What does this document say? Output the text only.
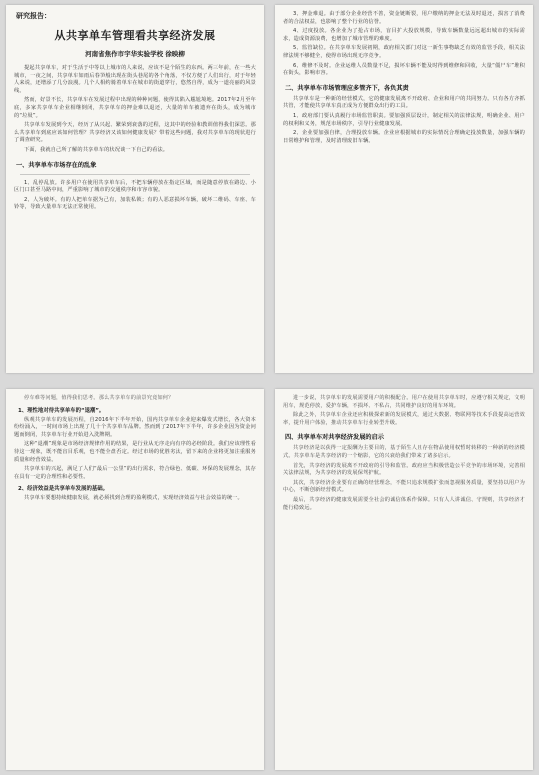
研究报告：
从共享单车管理看共享经济发展
河南省焦作市宇华实验学校 徐映柳

提起共享单车，对于生活于中等以上城市的人来说，应该不是个陌生的东西。两三年前，在一些大城市，一夜之间，共享单车如雨后春笋般出现在街头巷尾的各个角落，不仅方便了人们出行，对于年轻人来说，还增添了几分浪漫。几个人相约骑着单车在城市的街道穿行，悠然自得，成为一道亮丽的风景线。

然而，好景不长，共享单车在发展过程中出现的种种问题，使得其陷入尴尬境地。2017年2月至年底，多家共享单车企业相继倒闭，共享单车的押金难以退还，大量的单车被遗弃在街头，成为城市的“垃圾”。

共享单车发展到今天，经历了从兴起、繁荣到衰落的过程，这其中的经验和教训值得我们深思。那么共享单车到底应该如何管理？共享经济又该如何健康发展？带着这些问题，我对共享单车的现状进行了调查研究。

下面，我就自己所了解的共享单车的状况谈一下自己的看法。

一、共享单车市场存在的乱象

1、乱停乱放。许多用户在使用共享单车后，不把车辆停放在指定区域，而是随意停放在路边、小区门口甚至马路中间，严重影响了城市的交通秩序和市容市貌。

2、人为破坏。有的人把单车据为己有，加装私锁；有的人恶意损坏车辆，破坏二维码、车座、车铃等，导致大量单车无法正常使用。

3、押金难退。由于部分企业经营不善，资金链断裂，用户缴纳的押金无法及时退还，损害了消费者的合法权益，也影响了整个行业的信誉。

4、过度投放。各企业为了抢占市场，盲目扩大投放规模，导致车辆数量远远超出城市的实际需求，造成资源浪费，也增加了城市管理的难度。

5、监管缺位。在共享单车发展初期，政府相关部门对这一新生事物缺乏有效的监管手段，相关法律法规不够健全，使得市场出现无序竞争。

6、维修不及时。企业运维人员数量不足，损坏车辆不能及时得到维修和回收，大量“僵尸车”堆积在街头，影响市容。

二、共享单车市场管理应多管齐下，各负其责

共享单车是一种新的经营模式，它的健康发展离不开政府、企业和用户的共同努力。只有各方齐抓共管，才能使共享单车真正成为方便群众出行的工具。

1、政府部门要认真履行市场监管职责。要加强顶层设计，制定相关的法律法规，明确企业、用户的权利和义务，规范市场秩序，引导行业健康发展。

2、企业要加强自律，合理投放车辆。企业应根据城市的实际情况合理确定投放数量，加强车辆的日常维护和管理，及时清理废旧车辆。

停车难等问题，值得我们思考。那么共享单车的前景究竟如何？

1、理性地对待共享单车的“退潮”。

纵观共享单车的发展历程，自2016年下半年开始，国内共享单车企业迎来爆发式增长，各大资本纷纷涌入，一时间市场上出现了几十个共享单车品牌。然而到了2017年下半年，许多企业因为资金问题而倒闭，共享单车行业开始进入洗牌期。

这种“退潮”现象是市场经济规律作用的结果，是行业从无序走向有序的必经阶段。我们应该理性看待这一现象，既不能盲目乐观，也不能全盘否定。经过市场的优胜劣汰，留下来的企业将更加注重服务质量和经营效益。

共享单车的兴起，满足了人们“最后一公里”的出行需求，符合绿色、低碳、环保的发展理念，其存在具有一定的合理性和必要性。

2、经济效益是共享单车发展的基础。

共享单车要想持续健康发展，就必须找到合理的盈利模式，实现经济效益与社会效益的统一。

进一步说，共享单车的发展需要用户的积极配合。用户在使用共享单车时，应遵守相关规定，文明用车，规范停放，爱护车辆，不损坏、不私占，共同维护良好的用车环境。

除此之外，共享单车企业还应积极探索新的发展模式，通过大数据、物联网等技术手段提高运营效率，提升用户体验，推动共享单车行业转型升级。

四、共享单车对共享经济发展的启示

共享经济是以获得一定报酬为主要目的，基于陌生人且存在物品使用权暂时转移的一种新的经济模式。共享单车是共享经济的一个缩影，它的兴衰给我们带来了诸多启示。

首先，共享经济的发展离不开政府的引导和监管。政府应当积极营造公平竞争的市场环境，完善相关法律法规，为共享经济的发展保驾护航。

其次，共享经济企业要有正确的经营理念，不能只追求规模扩张而忽视服务质量，要坚持以用户为中心，不断创新经营模式。

最后，共享经济的健康发展需要全社会的诚信体系作保障。只有人人讲诚信、守规则，共享经济才能行稳致远。
